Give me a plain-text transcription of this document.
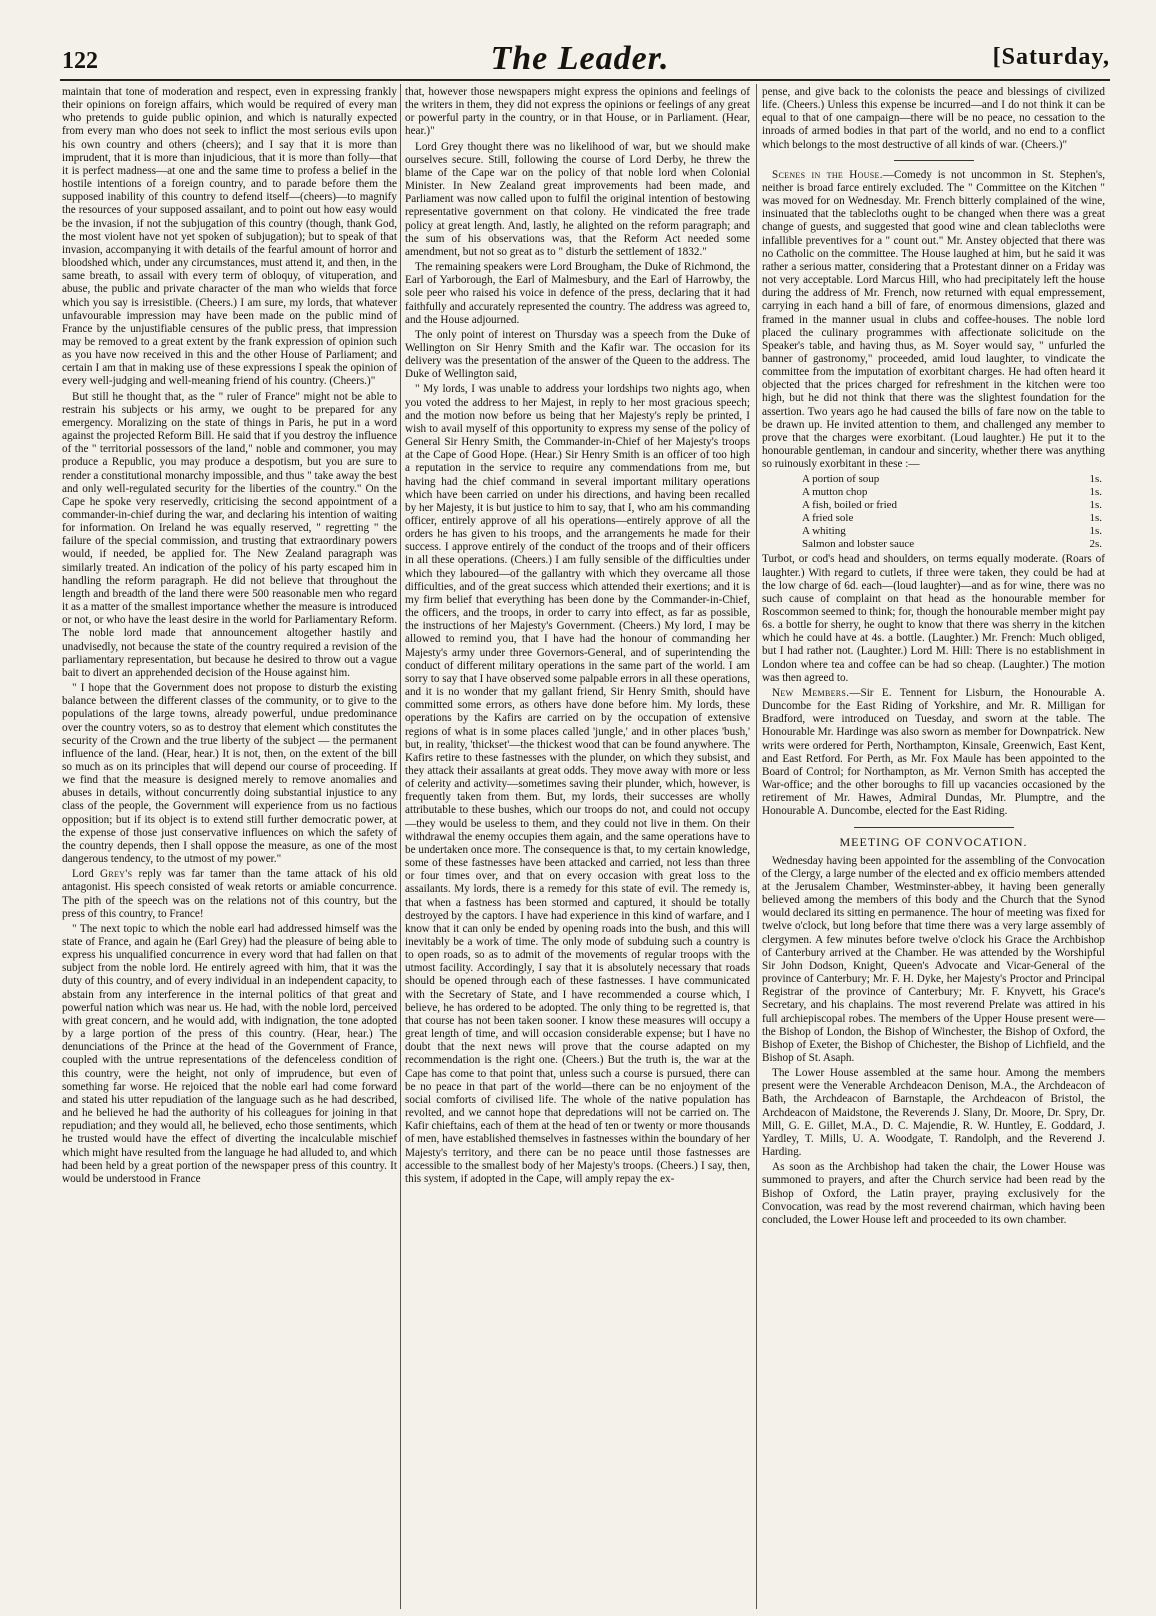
122	The Leader.	[Saturday,

maintain that tone of moderation and respect, even in expressing frankly their opinions on foreign affairs, which would be required of every man who pretends to guide public opinion, and which is naturally expected from every man who does not seek to inflict the most serious evils upon his own country and others (cheers); and I say that it is more than imprudent, that it is more than injudicious, that it is more than folly—that it is perfect madness—at one and the same time to profess a belief in the hostile intentions of a foreign country, and to parade before them the supposed inability of this country to defend itself—(cheers)—to magnify the resources of your supposed assailant, and to point out how easy would be the invasion, if not the subjugation of this country (though, thank God, the most violent have not yet spoken of subjugation); but to speak of that invasion, accompanying it with details of the fearful amount of horror and bloodshed which, under any circumstances, must attend it, and then, in the same breath, to assail with every term of obloquy, of vituperation, and abuse, the public and private character of the man who wields that force which you say is irresistible. (Cheers.) I am sure, my lords, that whatever unfavourable impression may have been made on the public mind of France by the unjustifiable censures of the public press, that impression may be removed to a great extent by the frank expression of opinion such as you have now received in this and the other House of Parliament; and certain I am that in making use of these expressions I speak the opinion of every well-judging and well-meaning friend of his country. (Cheers.)"

But still he thought that, as the " ruler of France" might not be able to restrain his subjects or his army, we ought to be prepared for any emergency. Moralizing on the state of things in Paris, he put in a word against the projected Reform Bill. He said that if you destroy the influence of the " territorial possessors of the land," noble and commoner, you may produce a Republic, you may produce a despotism, but you are sure to render a constitutional monarchy impossible, and thus " take away the best and only well-regulated security for the liberties of the country." On the Cape he spoke very reservedly, criticising the second appointment of a commander-in-chief during the war, and declaring his intention of waiting for information. On Ireland he was equally reserved, " regretting " the failure of the special commission, and trusting that extraordinary powers would, if needed, be applied for. The New Zealand paragraph was similarly treated. An indication of the policy of his party escaped him in handling the reform paragraph. He did not believe that throughout the length and breadth of the land there were 500 reasonable men who regard it as a matter of the smallest importance whether the measure is introduced or not, or who have the least desire in the world for Parliamentary Reform. The noble lord made that announcement altogether hastily and unadvisedly, not because the state of the country required a revision of the parliamentary representation, but because he desired to throw out a vague bait to divert an apprehended decision of the House against him.

" I hope that the Government does not propose to disturb the existing balance between the different classes of the community, or to give to the populations of the large towns, already powerful, undue predominance over the country voters, so as to destroy that element which constitutes the security of the Crown and the true liberty of the subject — the permanent influence of the land. (Hear, hear.) It is not, then, on the extent of the bill so much as on its principles that will depend our course of proceeding. If we find that the measure is designed merely to remove anomalies and abuses in details, without concurrently doing substantial injustice to any class of the people, the Government will experience from us no factious opposition; but if its object is to extend still further democratic power, at the expense of those just conservative influences on which the safety of the country depends, then I shall oppose the measure, as one of the most dangerous tendency, to the utmost of my power."

Lord Grey's reply was far tamer than the tame attack of his old antagonist. His speech consisted of weak retorts or amiable concurrence. The pith of the speech was on the relations not of this country, but the press of this country, to France!

" The next topic to which the noble earl had addressed himself was the state of France, and again he (Earl Grey) had the pleasure of being able to express his unqualified concurrence in every word that had fallen on that subject from the noble lord. He entirely agreed with him, that it was the duty of this country, and of every individual in an independent capacity, to abstain from any interference in the internal politics of that great and powerful nation which was near us. He had, with the noble lord, perceived with great concern, and he would add, with indignation, the tone adopted by a large portion of the press of this country. (Hear, hear.) The denunciations of the Prince at the head of the Government of France, coupled with the untrue representations of the defenceless condition of this country, were the height, not only of imprudence, but even of something far worse. He rejoiced that the noble earl had come forward and stated his utter repudiation of the language such as he had described, and he believed he had the authority of his colleagues for joining in that repudiation; and they would all, he believed, echo those sentiments, which he trusted would have the effect of diverting the incalculable mischief which might have resulted from the language he had alluded to, and which had been held by a great portion of the newspaper press of this country. It would be understood in France

that, however those newspapers might express the opinions and feelings of the writers in them, they did not express the opinions or feelings of any great or powerful party in the country, or in that House, or in Parliament. (Hear, hear.)"

Lord Grey thought there was no likelihood of war, but we should make ourselves secure. Still, following the course of Lord Derby, he threw the blame of the Cape war on the policy of that noble lord when Colonial Minister. In New Zealand great improvements had been made, and Parliament was now called upon to fulfil the original intention of bestowing representative government on that colony. He vindicated the free trade policy at great length. And, lastly, he alighted on the reform paragraph; and the sum of his observations was, that the Reform Act needed some amendment, but not so great as to " disturb the settlement of 1832."

The remaining speakers were Lord Brougham, the Duke of Richmond, the Earl of Yarborough, the Earl of Malmesbury, and the Earl of Harrowby, the sole peer who raised his voice in defence of the press, declaring that it had faithfully and accurately represented the country. The address was agreed to, and the House adjourned.

The only point of interest on Thursday was a speech from the Duke of Wellington on Sir Henry Smith and the Kafir war. The occasion for its delivery was the presentation of the answer of the Queen to the address. The Duke of Wellington said,

" My lords, I was unable to address your lordships two nights ago, when you voted the address to her Majest, in reply to her most gracious speech; and the motion now before us being that her Majesty's reply be printed, I wish to avail myself of this opportunity to express my sense of the policy of General Sir Henry Smith, the Commander-in-Chief of her Majesty's troops at the Cape of Good Hope. (Hear.) Sir Henry Smith is an officer of too high a reputation in the service to require any commendations from me, but having had the chief command in several important military operations which have been carried on under his directions, and having been recalled by her Majesty, it is but justice to him to say, that I, who am his commanding officer, entirely approve of all his operations—entirely approve of all the orders he has given to his troops, and the arrangements he made for their success. I approve entirely of the conduct of the troops and of their officers in all these operations. (Cheers.) I am fully sensible of the difficulties under which they laboured—of the gallantry with which they overcame all those difficulties, and of the great success which attended their exertions; and it is my firm belief that everything has been done by the Commander-in-Chief, the officers, and the troops, in order to carry into effect, as far as possible, the instructions of her Majesty's Government. (Cheers.) My lord, I may be allowed to remind you, that I have had the honour of commanding her Majesty's army under three Governors-General, and of superintending the conduct of different military operations in the same part of the world. I am sorry to say that I have observed some palpable errors in all these operations, and it is no wonder that my gallant friend, Sir Henry Smith, should have committed some errors, as others have done before him. My lords, these operations by the Kafirs are carried on by the occupation of extensive regions of what is in some places called 'jungle,' and in other places 'bush,' but, in reality, 'thickset'—the thickest wood that can be found anywhere. The Kafirs retire to these fastnesses with the plunder, on which they subsist, and they attack their assailants at great odds. They move away with more or less of celerity and activity—sometimes saving their plunder, which, however, is frequently taken from them. But, my lords, their successes are wholly attributable to these bushes, which our troops do not, and could not occupy—they would be useless to them, and they could not live in them. On their withdrawal the enemy occupies them again, and the same operations have to be undertaken once more. The consequence is that, to my certain knowledge, some of these fastnesses have been attacked and carried, not less than three or four times over, and that on every occasion with great loss to the assailants. My lords, there is a remedy for this state of evil. The remedy is, that when a fastness has been stormed and captured, it should be totally destroyed by the captors. I have had experience in this kind of warfare, and I know that it can only be ended by opening roads into the bush, and this will inevitably be a work of time. The only mode of subduing such a country is to open roads, so as to admit of the movements of regular troops with the utmost facility. Accordingly, I say that it is absolutely necessary that roads should be opened through each of these fastnesses. I have communicated with the Secretary of State, and I have recommended a course which, I believe, he has ordered to be adopted. The only thing to be regretted is, that that course has not been taken sooner. I know these measures will occupy a great length of time, and will occasion considerable expense; but I have no doubt that the next news will prove that the course adapted on my recommendation is the right one. (Cheers.) But the truth is, the war at the Cape has come to that point that, unless such a course is pursued, there can be no peace in that part of the world—there can be no enjoyment of the social comforts of civilised life. The whole of the native population has revolted, and we cannot hope that depredations will not be carried on. The Kafir chieftains, each of them at the head of ten or twenty or more thousands of men, have established themselves in fastnesses within the boundary of her Majesty's territory, and there can be no peace until those fastnesses are accessible to the smallest body of her Majesty's troops. (Cheers.) I say, then, this system, if adopted in the Cape, will amply repay the ex-

pense, and give back to the colonists the peace and blessings of civilized life. (Cheers.) Unless this expense be incurred—and I do not think it can be equal to that of one campaign—there will be no peace, no cessation to the inroads of armed bodies in that part of the world, and no end to a conflict which belongs to the most destructive of all kinds of war. (Cheers.)"

Scenes in the House.—Comedy is not uncommon in St. Stephen's, neither is broad farce entirely excluded. The " Committee on the Kitchen " was moved for on Wednesday. Mr. French bitterly complained of the wine, insinuated that the tablecloths ought to be changed when there was a great change of guests, and suggested that good wine and clean tablecloths were infallible preventives for a " count out." Mr. Anstey objected that there was no Catholic on the committee. The House laughed at him, but he said it was rather a serious matter, considering that a Protestant dinner on a Friday was not very acceptable. Lord Marcus Hill, who had precipitately left the house during the address of Mr. French, now returned with equal empressement, carrying in each hand a bill of fare, of enormous dimensions, glazed and framed in the manner usual in clubs and coffee-houses. The noble lord placed the culinary programmes with affectionate solicitude on the Speaker's table, and having thus, as M. Soyer would say, " unfurled the banner of gastronomy," proceeded, amid loud laughter, to vindicate the committee from the imputation of exorbitant charges. He had often heard it objected that the prices charged for refreshment in the kitchen were too high, but he did not think that there was the slightest foundation for the assertion. Two years ago he had caused the bills of fare now on the table to be drawn up. He invited attention to them, and challenged any member to prove that the charges were exorbitant. (Loud laughter.) He put it to the honourable gentleman, in candour and sincerity, whether there was anything so ruinously exorbitant in these :—

A portion of soup	1s.
A mutton chop	1s.
A fish, boiled or fried	1s.
A fried sole	1s.
A whiting	1s.
Salmon and lobster sauce	2s.

Turbot, or cod's head and shoulders, on terms equally moderate. (Roars of laughter.) With regard to cutlets, if three were taken, they could be had at the low charge of 6d. each—(loud laughter)—and as for wine, there was no such cause of complaint on that head as the honourable member for Roscommon seemed to think; for, though the honourable member might pay 6s. a bottle for sherry, he ought to know that there was sherry in the kitchen which he could have at 4s. a bottle. (Laughter.) Mr. French: Much obliged, but I had rather not. (Laughter.) Lord M. Hill: There is no establishment in London where tea and coffee can be had so cheap. (Laughter.) The motion was then agreed to.

New Members.—Sir E. Tennent for Lisburn, the Honourable A. Duncombe for the East Riding of Yorkshire, and Mr. R. Milligan for Bradford, were introduced on Tuesday, and sworn at the table. The Honourable Mr. Hardinge was also sworn as member for Downpatrick. New writs were ordered for Perth, Northampton, Kinsale, Greenwich, East Kent, and East Retford. For Perth, as Mr. Fox Maule has been appointed to the Board of Control; for Northampton, as Mr. Vernon Smith has accepted the War-office; and the other boroughs to fill up vacancies occasioned by the retirement of Mr. Hawes, Admiral Dundas, Mr. Plumptre, and the Honourable A. Duncombe, elected for the East Riding.

MEETING OF CONVOCATION.

Wednesday having been appointed for the assembling of the Convocation of the Clergy, a large number of the elected and ex officio members attended at the Jerusalem Chamber, Westminster-abbey, it having been generally believed among the members of this body and the Church that the Synod would declared its sitting en permanence. The hour of meeting was fixed for twelve o'clock, but long before that time there was a very large assembly of clergymen. A few minutes before twelve o'clock his Grace the Archbishop of Canterbury arrived at the Chamber. He was attended by the Worshipful Sir John Dodson, Knight, Queen's Advocate and Vicar-General of the province of Canterbury; Mr. F. H. Dyke, her Majesty's Proctor and Principal Registrar of the province of Canterbury; Mr. F. Knyvett, his Grace's Secretary, and his chaplains. The most reverend Prelate was attired in his full archiepiscopal robes. The members of the Upper House present were—the Bishop of London, the Bishop of Winchester, the Bishop of Oxford, the Bishop of Exeter, the Bishop of Chichester, the Bishop of Lichfield, and the Bishop of St. Asaph.

The Lower House assembled at the same hour. Among the members present were the Venerable Archdeacon Denison, M.A., the Archdeacon of Bath, the Archdeacon of Barnstaple, the Archdeacon of Bristol, the Archdeacon of Maidstone, the Reverends J. Slany, Dr. Moore, Dr. Spry, Dr. Mill, G. E. Gillet, M.A., D. C. Majendie, R. W. Huntley, E. Goddard, J. Yardley, T. Mills, U. A. Woodgate, T. Randolph, and the Reverend J. Harding.

As soon as the Archbishop had taken the chair, the Lower House was summoned to prayers, and after the Church service had been read by the Bishop of Oxford, the Latin prayer, praying exclusively for the Convocation, was read by the most reverend chairman, which having been concluded, the Lower House left and proceeded to its own chamber.
